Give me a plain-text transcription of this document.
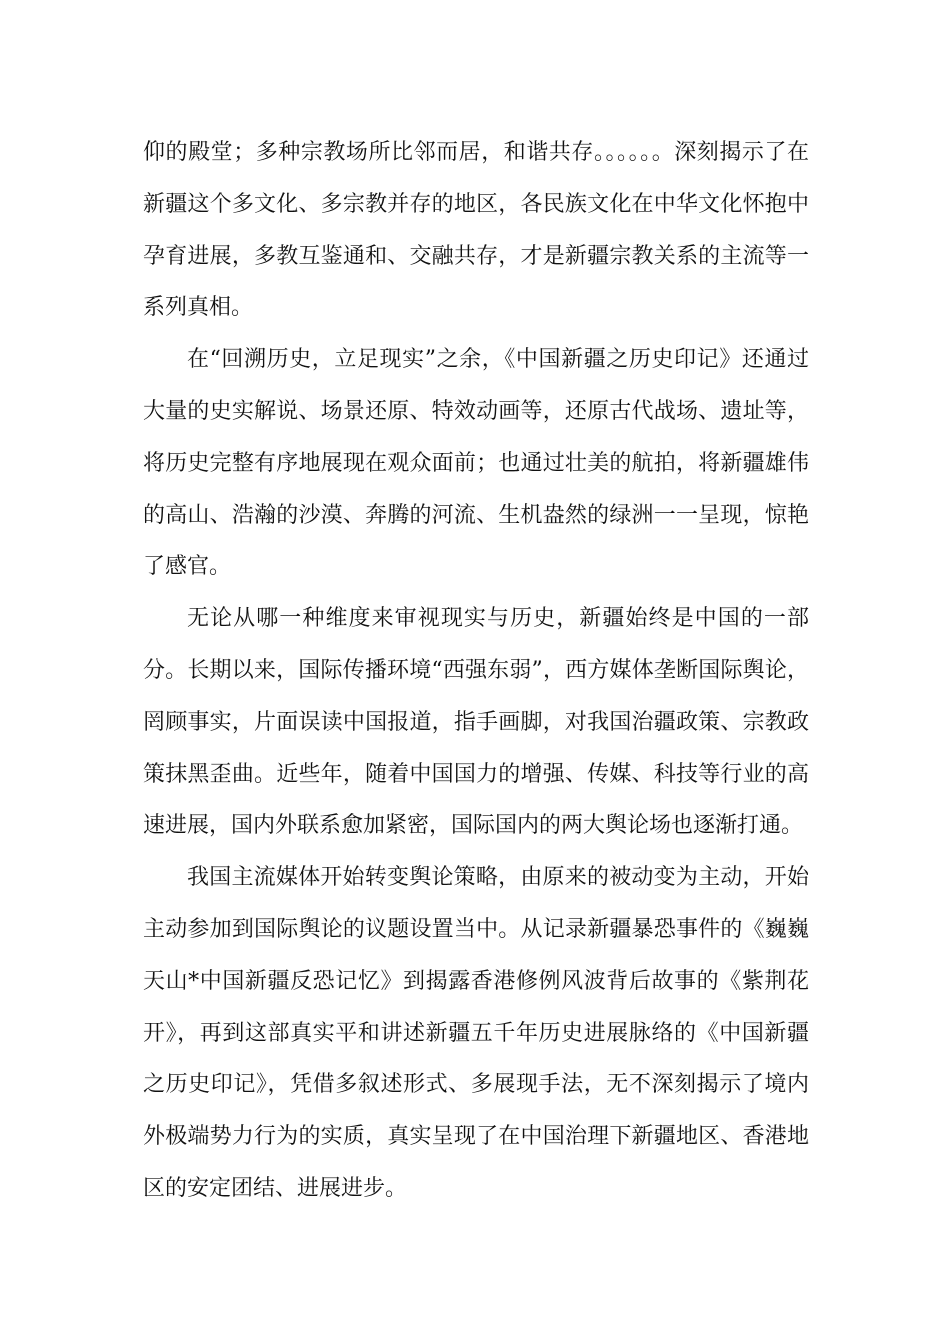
仰的殿堂；多种宗教场所比邻而居，和谐共存。。。。。。深刻揭示了在新疆这个多文化、多宗教并存的地区，各民族文化在中华文化怀抱中孕育进展，多教互鉴通和、交融共存，才是新疆宗教关系的主流等一系列真相。

在“回溯历史，立足现实”之余，《中国新疆之历史印记》还通过大量的史实解说、场景还原、特效动画等，还原古代战场、遗址等，将历史完整有序地展现在观众面前；也通过壮美的航拍，将新疆雄伟的高山、浩瀚的沙漠、奔腾的河流、生机盎然的绿洲一一呈现，惊艳了感官。

无论从哪一种维度来审视现实与历史，新疆始终是中国的一部分。长期以来，国际传播环境“西强东弱”，西方媒体垄断国际舆论，罔顾事实，片面误读中国报道，指手画脚，对我国治疆政策、宗教政策抹黑歪曲。近些年，随着中国国力的增强、传媒、科技等行业的高速进展，国内外联系愈加紧密，国际国内的两大舆论场也逐渐打通。

我国主流媒体开始转变舆论策略，由原来的被动变为主动，开始主动参加到国际舆论的议题设置当中。从记录新疆暴恐事件的《巍巍天山*中国新疆反恐记忆》到揭露香港修例风波背后故事的《紫荆花开》，再到这部真实平和讲述新疆五千年历史进展脉络的《中国新疆之历史印记》，凭借多叙述形式、多展现手法，无不深刻揭示了境内外极端势力行为的实质，真实呈现了在中国治理下新疆地区、香港地区的安定团结、进展进步。
